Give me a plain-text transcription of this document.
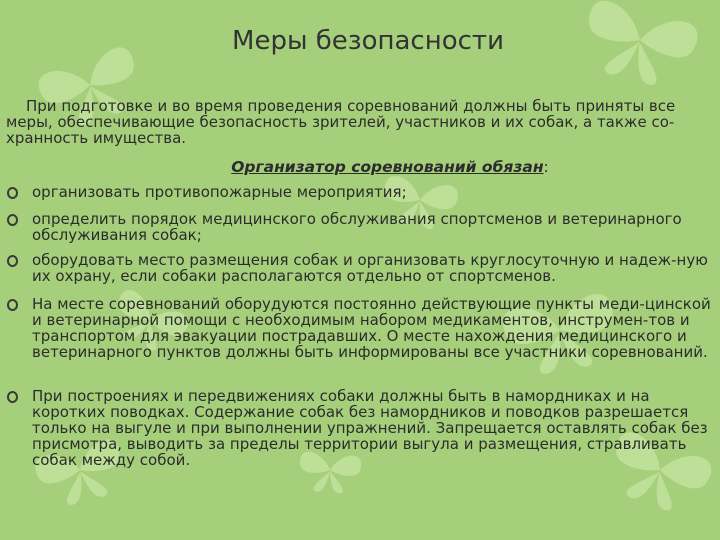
Меры безопасности
При подготовке и во время проведения соревнований должны быть приняты все меры, обеспечивающие безопасность зрителей, участников и их собак, а также со-хранность имущества.
Организатор соревнований обязан:
организовать противопожарные мероприятия;
определить порядок медицинского обслуживания спортсменов и ветеринарного обслуживания собак;
оборудовать место размещения собак и организовать круглосуточную и надеж-ную их охрану, если собаки располагаются отдельно от спортсменов.
На месте соревнований оборудуются постоянно действующие пункты меди-цинской и ветеринарной помощи с необходимым набором медикаментов, инструмен-тов и транспортом для эвакуации пострадавших. О месте нахождения медицинского и ветеринарного пунктов должны быть информированы все участники соревнований.
При построениях и передвижениях собаки должны быть в намордниках и на коротких поводках. Содержание собак без намордников и поводков разрешается только на выгуле и при выполнении упражнений. Запрещается оставлять собак без присмотра, выводить за пределы территории выгула и размещения, стравливать собак между собой.
